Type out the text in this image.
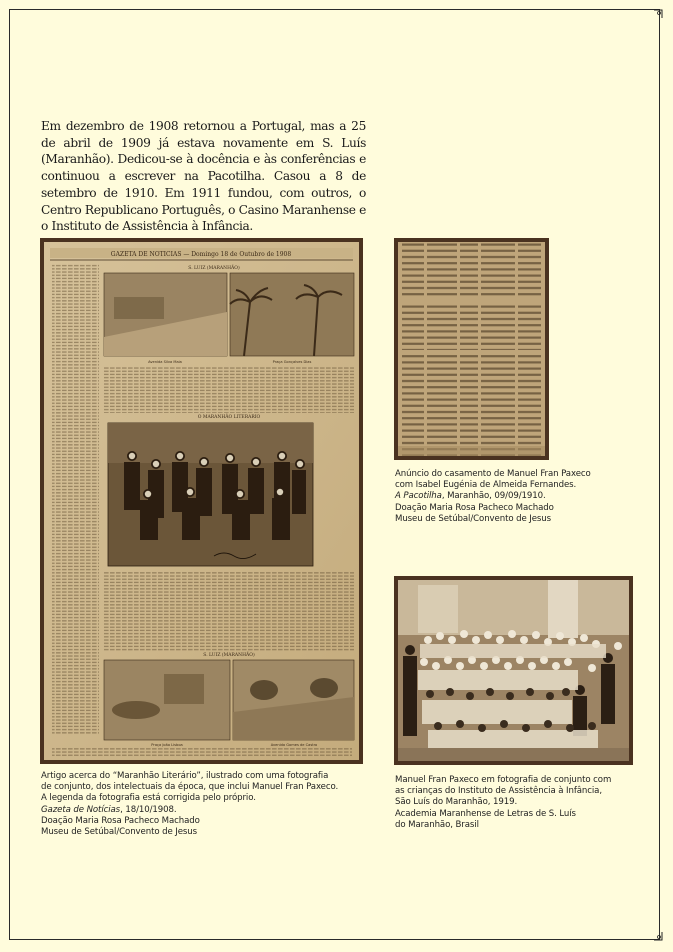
Em dezembro de 1908 retornou a Portugal, mas a 25 de abril de 1909 já estava novamente em S. Luís (Maranhão). Dedicou-se à docência e às conferências e continuou a escrever na Pacotilha. Casou a 8 de setembro de 1910. Em 1911 fundou, com outros, o Centro Republicano Português, o Casino Maranhense e o Instituto de Assistência à Infância.

GAZETA DE NOTICIAS — Domingo 18 de Outubro de 1908
S. LUIZ (MARANHÃO)
Avenida Silva Maia	Praça Gonçalves Dias
O MARANHÃO LITERARIO
S. LUIZ (MARANHÃO)
Praça João Lisboa	Avenida Gomes de Castro
Anúncio do casamento de Manuel Fran Paxeco
com Isabel Eugénia de Almeida Fernandes.
A Pacotilha, Maranhão, 09/09/1910.
Doação Maria Rosa Pacheco Machado
Museu de Setúbal/Convento de Jesus
Manuel Fran Paxeco em fotografia de conjunto com
as crianças do Instituto de Assistência à Infância,
São Luís do Maranhão, 1919.
Academia Maranhense de Letras de S. Luís
do Maranhão, Brasil
Artigo acerca do “Maranhão Literário”, ilustrado com uma fotografia
de conjunto, dos intelectuais da época, que inclui Manuel Fran Paxeco.
A legenda da fotografia está corrigida pelo próprio.
Gazeta de Notícias, 18/10/1908.
Doação Maria Rosa Pacheco Machado
Museu de Setúbal/Convento de Jesus
